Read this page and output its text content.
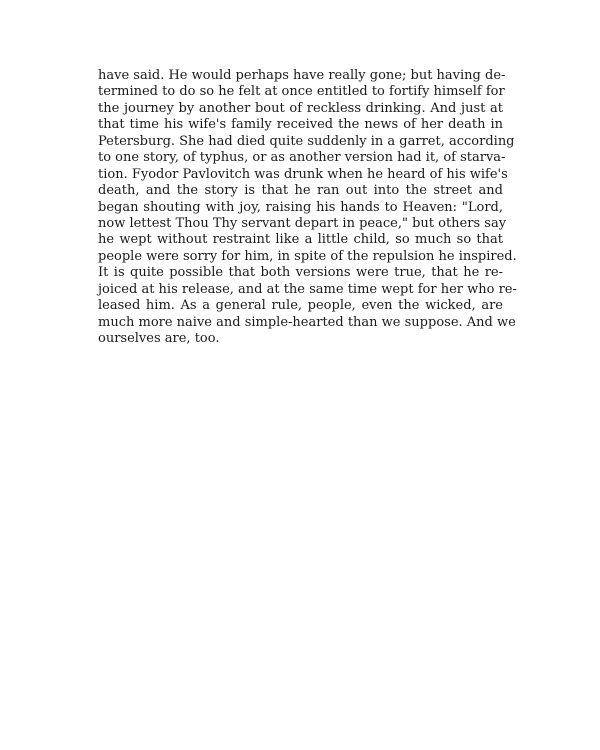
have said. He would perhaps have really gone; but having de-
termined to do so he felt at once entitled to fortify himself for
the journey by another bout of reckless drinking. And just at
that time his wife's family received the news of her death in
Petersburg. She had died quite suddenly in a garret, according
to one story, of typhus, or as another version had it, of starva-
tion. Fyodor Pavlovitch was drunk when he heard of his wife's
death, and the story is that he ran out into the street and
began shouting with joy, raising his hands to Heaven: "Lord,
now lettest Thou Thy servant depart in peace," but others say
he wept without restraint like a little child, so much so that
people were sorry for him, in spite of the repulsion he inspired.
It is quite possible that both versions were true, that he re-
joiced at his release, and at the same time wept for her who re-
leased him. As a general rule, people, even the wicked, are
much more naive and simple-hearted than we suppose. And we
ourselves are, too.
